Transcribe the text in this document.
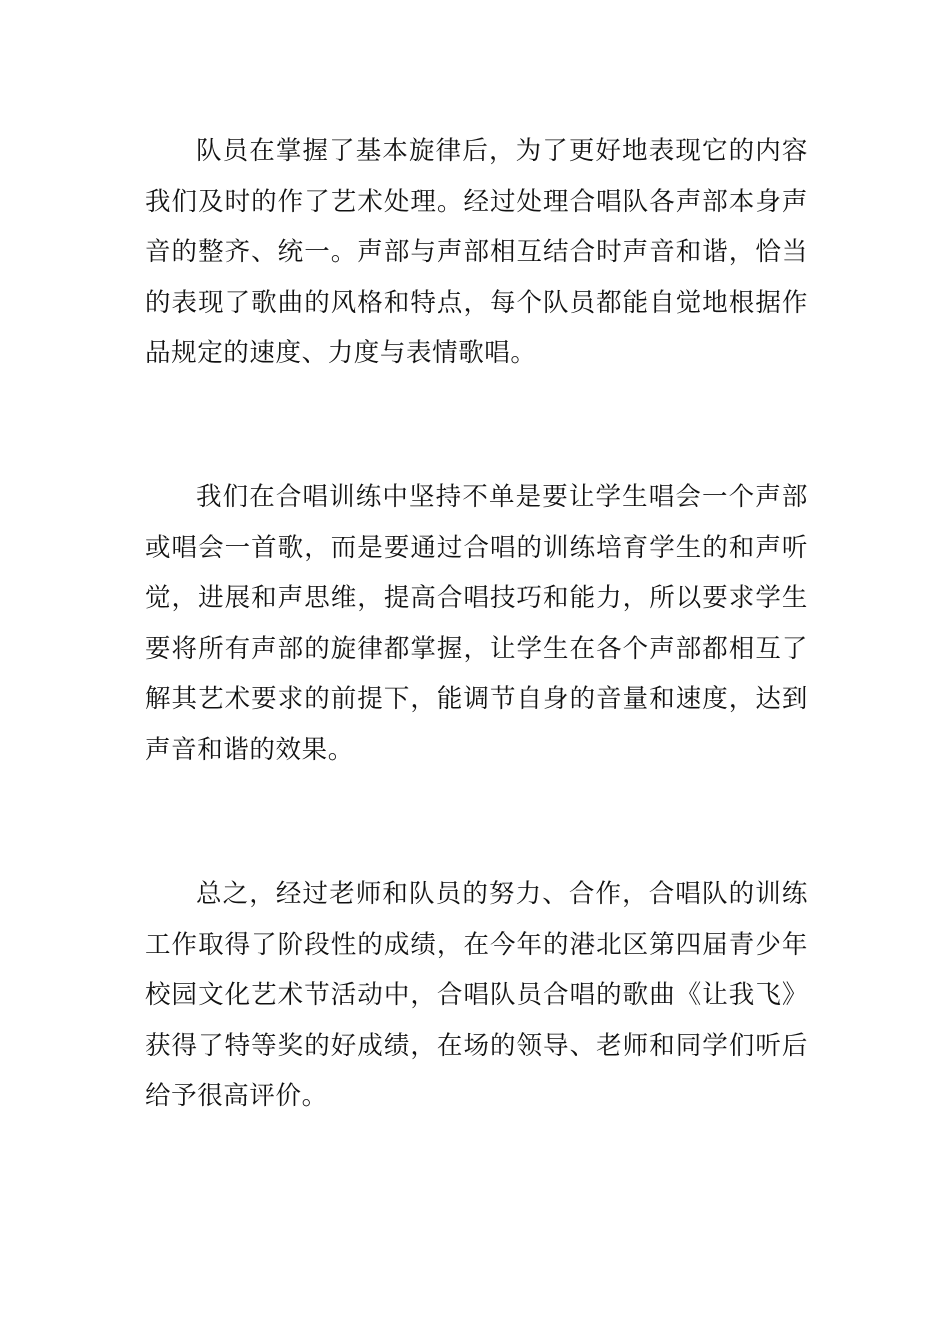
队员在掌握了基本旋律后，为了更好地表现它的内容我们及时的作了艺术处理。经过处理合唱队各声部本身声音的整齐、统一。声部与声部相互结合时声音和谐，恰当的表现了歌曲的风格和特点，每个队员都能自觉地根据作品规定的速度、力度与表情歌唱。

我们在合唱训练中坚持不单是要让学生唱会一个声部或唱会一首歌，而是要通过合唱的训练培育学生的和声听觉，进展和声思维，提高合唱技巧和能力，所以要求学生要将所有声部的旋律都掌握，让学生在各个声部都相互了解其艺术要求的前提下，能调节自身的音量和速度，达到声音和谐的效果。

总之，经过老师和队员的努力、合作，合唱队的训练工作取得了阶段性的成绩，在今年的港北区第四届青少年校园文化艺术节活动中，合唱队员合唱的歌曲《让我飞》获得了特等奖的好成绩，在场的领导、老师和同学们听后给予很高评价。
